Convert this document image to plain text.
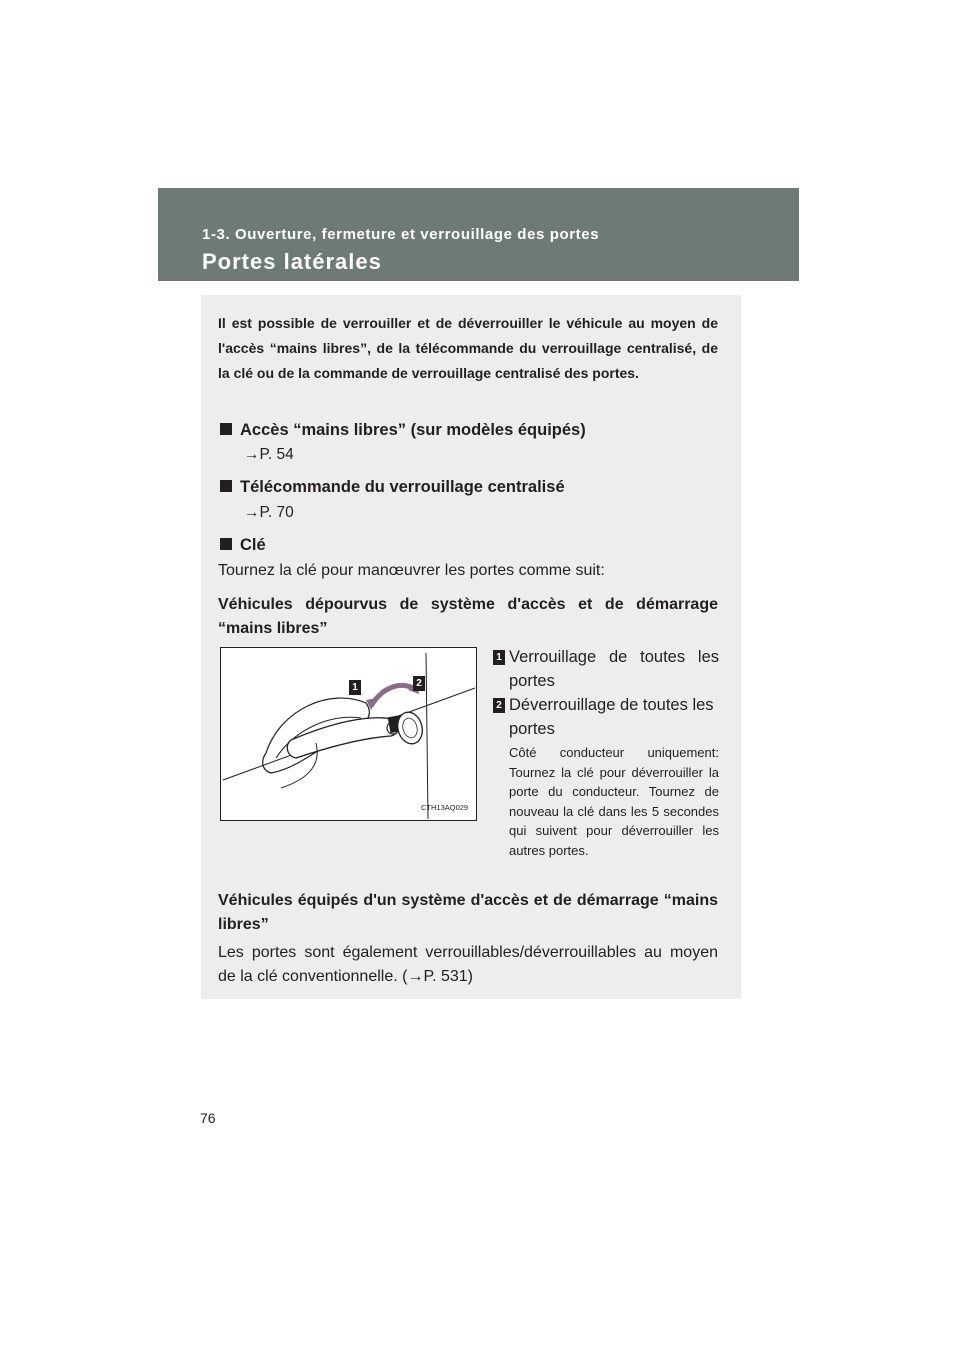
1-3. Ouverture, fermeture et verrouillage des portes
Portes latérales

Il est possible de verrouiller et de déverrouiller le véhicule au moyen de l'accès “mains libres”, de la télécommande du verrouillage centralisé, de la clé ou de la commande de verrouillage centralisé des portes.

Accès “mains libres” (sur modèles équipés)
→P. 54
Télécommande du verrouillage centralisé
→P. 70
Clé

Tournez la clé pour manœuvrer les portes comme suit:

Véhicules dépourvus de système d'accès et de démarrage “mains libres”

CTH13AQ029
1	2
1 Verrouillage de toutes les portes
2 Déverrouillage de toutes les portes

Côté conducteur uniquement: Tournez la clé pour déverrouiller la porte du conducteur. Tournez de nouveau la clé dans les 5 secondes qui suivent pour déverrouiller les autres portes.

Véhicules équipés d'un système d'accès et de démarrage “mains libres”

Les portes sont également verrouillables/déverrouillables au moyen de la clé conventionnelle. (→P. 531)

76
